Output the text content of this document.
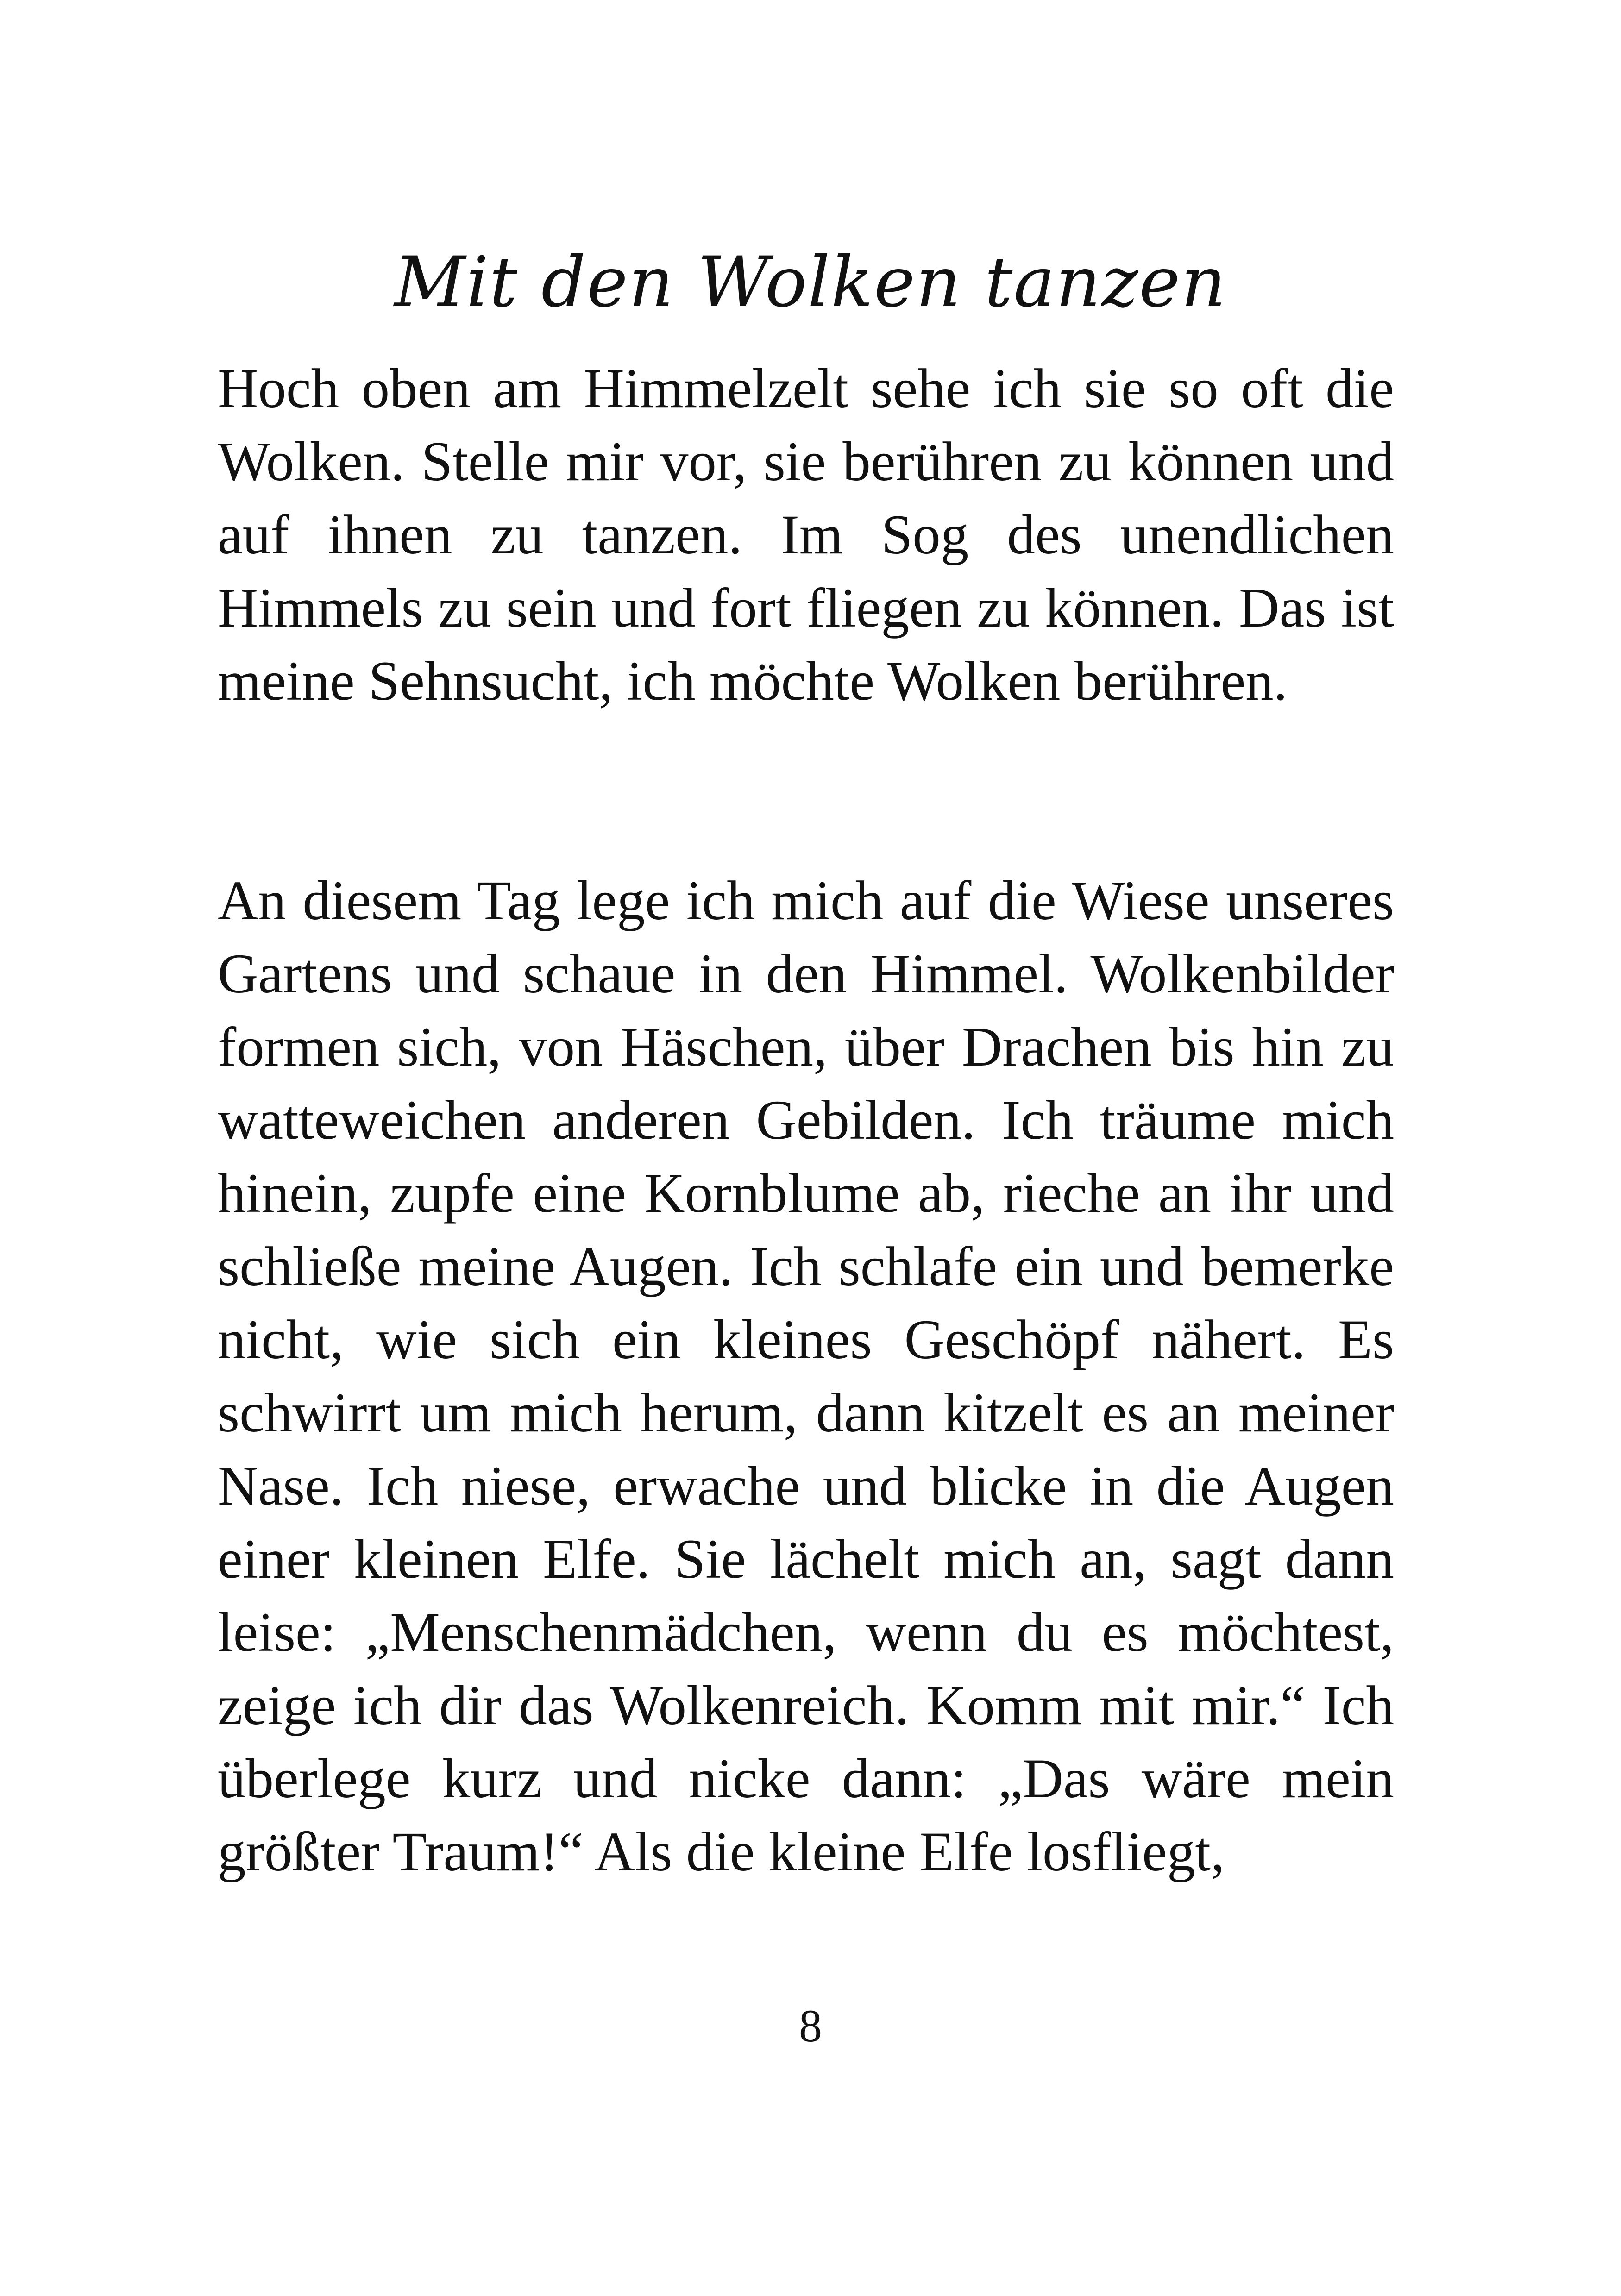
Mit den Wolken tanzen

Hoch oben am Himmelzelt sehe ich sie so oft die Wolken. Stelle mir vor, sie berühren zu können und auf ihnen zu tanzen. Im Sog des unendlichen Himmels zu sein und fort fliegen zu können. Das ist meine Sehnsucht, ich möchte Wolken berühren.

An diesem Tag lege ich mich auf die Wiese unseres Gartens und schaue in den Himmel. Wolkenbilder formen sich, von Häschen, über Drachen bis hin zu watteweichen anderen Gebilden. Ich träume mich hinein, zupfe eine Kornblume ab, rieche an ihr und schließe meine Augen. Ich schlafe ein und bemerke nicht, wie sich ein kleines Geschöpf nähert. Es schwirrt um mich herum, dann kitzelt es an meiner Nase. Ich niese, erwache und blicke in die Augen einer kleinen Elfe. Sie lächelt mich an, sagt dann leise: „Menschenmädchen, wenn du es möchtest, zeige ich dir das Wolkenreich. Komm mit mir.“ Ich überlege kurz und nicke dann: „Das wäre mein größter Traum!“ Als die kleine Elfe losfliegt,

8
